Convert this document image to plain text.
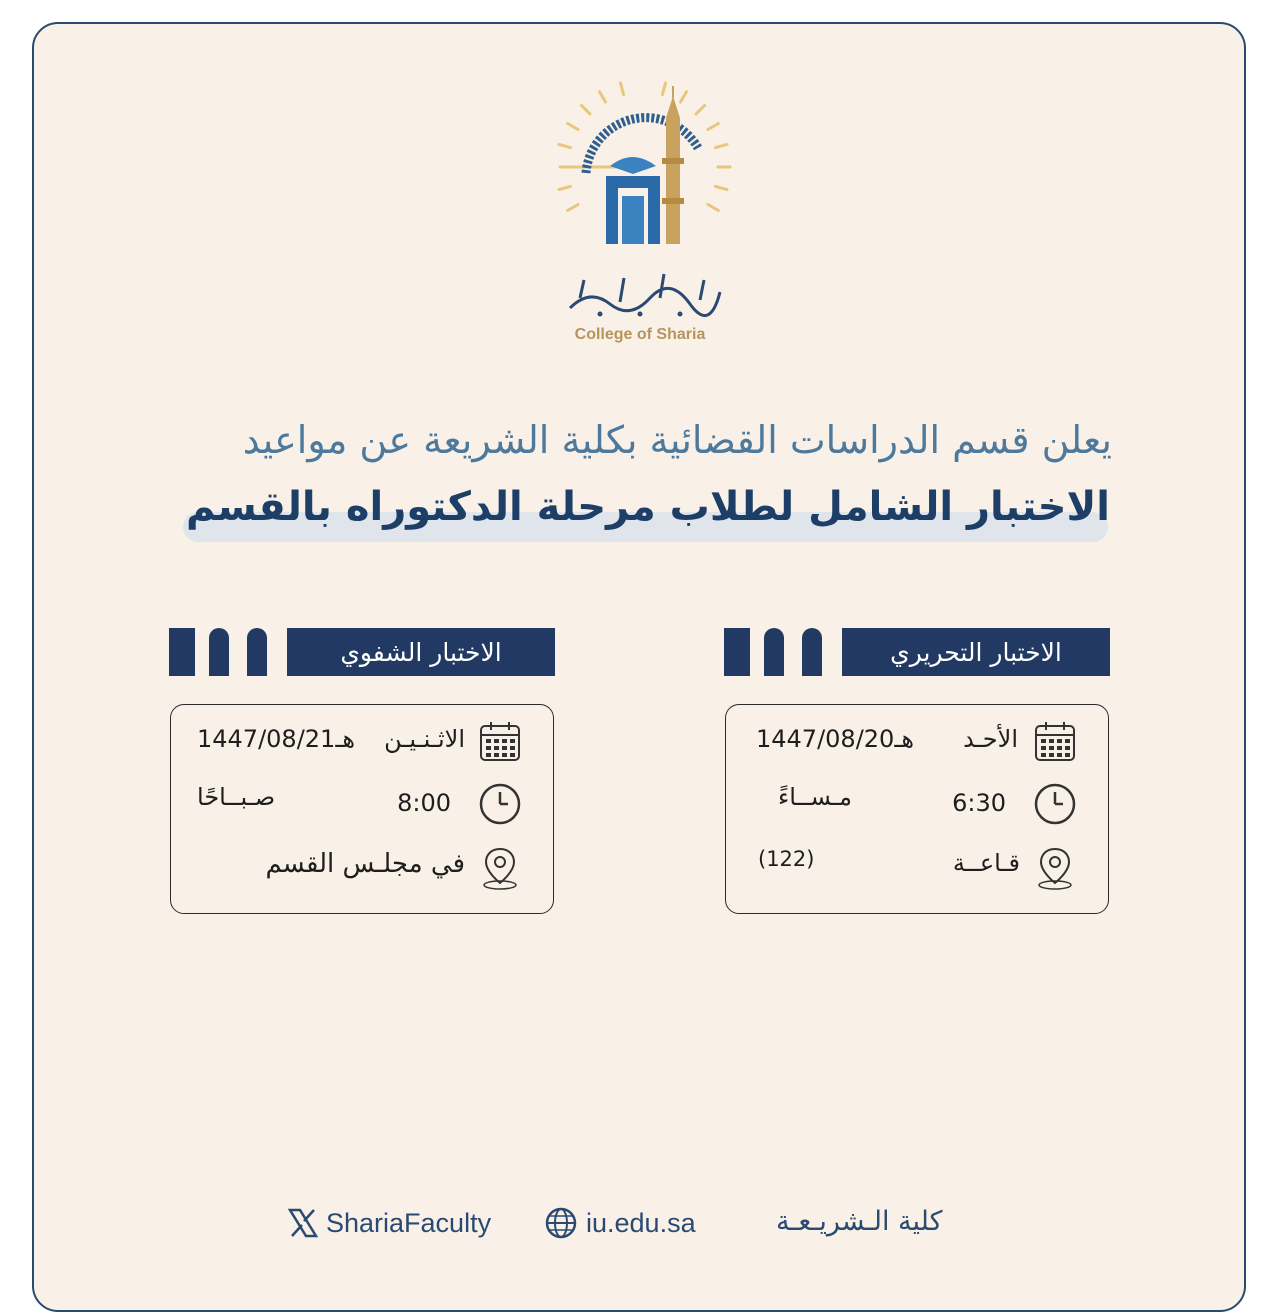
College of Sharia
يعلن قسم الدراسات القضائية بكلية الشريعة عن مواعيد
الاختبار الشامل لطلاب مرحلة الدكتوراه بالقسم
الاختبار التحريري
الأحـد
1447/08/20هـ
6:30
مـســاءً
قـاعــة
(122)
الاختبار الشفوي
الاثـنـيـن
1447/08/21هـ
8:00
صـبــاحًا
في مجلـس القسم
ShariaFaculty	iu.edu.sa	كلية الـشريـعـة
